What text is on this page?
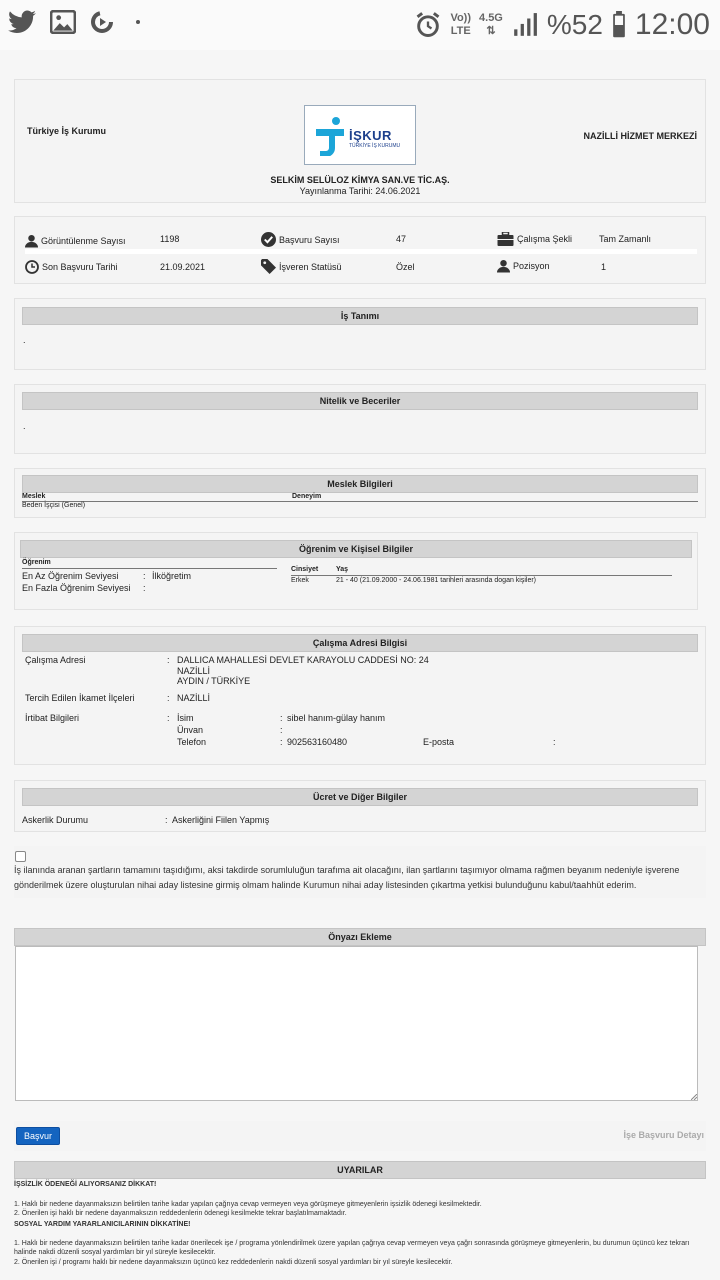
Vo))
LTE
4.5G
⇅ %52 12:00
Türkiye İş Kurumu	İŞKUR
TÜRKİYE İŞ KURUMU
NAZİLLİ HİZMET MERKEZİ
SELKİM SELÜLOZ KİMYA SAN.VE TİC.AŞ.
Yayınlanma Tarihi: 24.06.2021
Görüntülenme Sayısı	1198	Başvuru Sayısı	47	Çalışma Şekli	Tam Zamanlı
Son Başvuru Tarihi	21.09.2021	İşveren Statüsü	Özel	Pozisyon	1
İş Tanımı
.
Nitelik ve Beceriler
.
Meslek Bilgileri
Meslek	Deneyim
Beden İşçisi (Genel)
Öğrenim ve Kişisel Bilgiler
Öğrenim
En Az Öğrenim Seviyesi	: İlköğretim
En Fazla Öğrenim Seviyesi :
Cinsiyet	Yaş
Erkek	21 - 40 (21.09.2000 - 24.06.1981 tarihleri arasında dogan kişiler)
Çalışma Adresi Bilgisi
Çalışma Adresi	: DALLICA MAHALLESİ DEVLET KARAYOLU CADDESİ NO: 24
NAZİLLİ
AYDIN / TÜRKİYE
Tercih Edilen İkamet İlçeleri	: NAZİLLİ
İrtibat Bilgileri	: İsim	: sibel hanım-gülay hanım
Ünvan	:
Telefon	: 902563160480	E-posta	:
Ücret ve Diğer Bilgiler
Askerlik Durumu	: Askerliğini Fiilen Yapmış
İş ilanında aranan şartların tamamını taşıdığımı, aksi takdirde sorumluluğun tarafıma ait olacağını, ilan şartlarını taşımıyor olmama rağmen beyanım nedeniyle işverene gönderilmek üzere oluşturulan nihai aday listesine girmiş olmam halinde Kurumun nihai aday listesinden çıkartma yetkisi bulunduğunu kabul/taahhüt ederim.
Önyazı Ekleme
Başvur	İşe Başvuru Detayı
UYARILAR
İŞSİZLİK ÖDENEĞİ ALIYORSANIZ DİKKAT!
1. Haklı bir nedene dayanmaksızın belirtilen tarihe kadar yapılan çağrıya cevap vermeyen veya görüşmeye gitmeyenlerin işsizlik ödenegi kesilmektedir.
2. Önerilen işi haklı bir nedene dayanmaksızın reddedenlerin ödenegi kesilmekte tekrar başlatılmamaktadır.
SOSYAL YARDIM YARARLANICILARININ DİKKATİNE!
1. Haklı bir nedene dayanmaksızın belirtilen tarihe kadar önerilecek işe / programa yönlendirilmek üzere yapılan çağrıya cevap vermeyen veya çağrı sonrasında görüşmeye gitmeyenlerin, bu durumun üçüncü kez tekrarı halinde nakdi düzenli sosyal yardımları bir yıl süreyle kesilecektir.
2. Önerilen işi / programı haklı bir nedene dayanmaksızın üçüncü kez reddedenlerin nakdi düzenli sosyal yardımları bir yıl süreyle kesilecektir.
